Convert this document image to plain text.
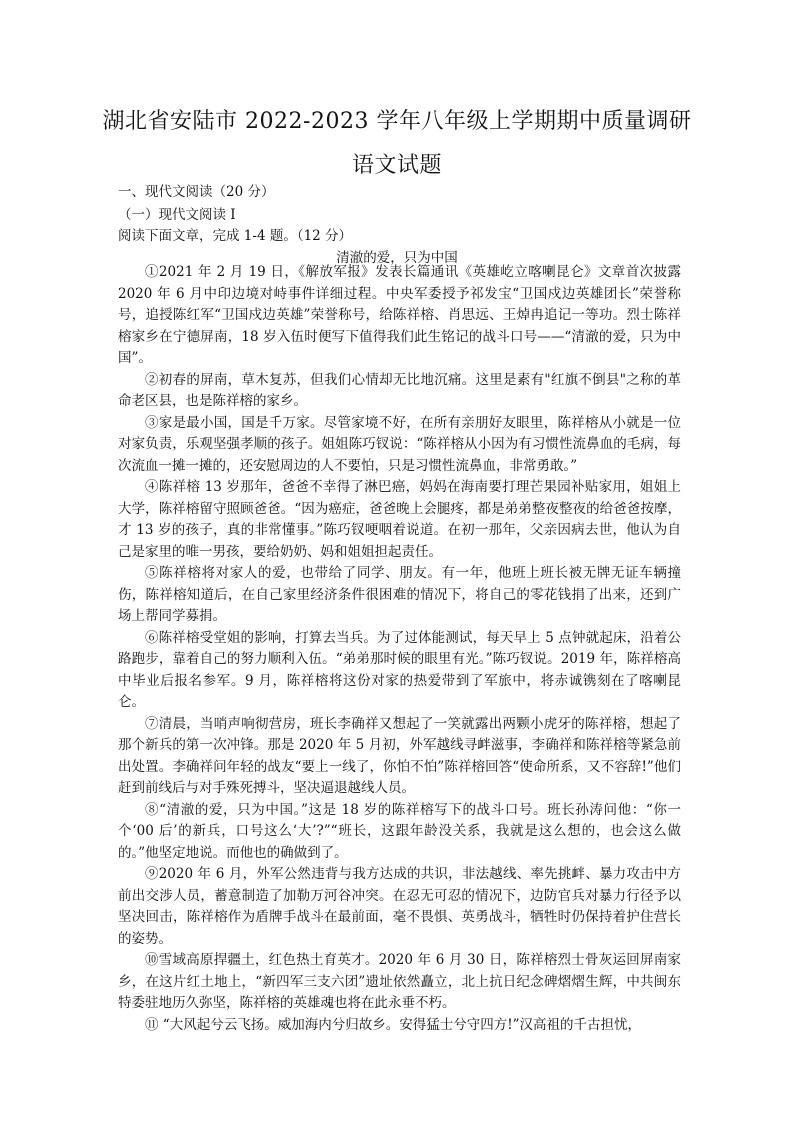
湖北省安陆市 2022-2023 学年八年级上学期期中质量调研
语文试题
一、现代文阅读（20 分）
（一）现代文阅读 I
阅读下面文章，完成 1-4 题。（12 分）
清澈的爱，只为中国

①2021 年 2 月 19 日，《解放军报》发表长篇通讯《英雄屹立喀喇昆仑》文章首次披露 2020 年 6 月中印边境对峙事件详细过程。中央军委授予祁发宝“卫国戍边英雄团长”荣誉称号，追授陈红军“卫国戍边英雄”荣誉称号，给陈祥榕、肖思远、王焯冉追记一等功。烈士陈祥榕家乡在宁德屏南，18 岁入伍时便写下值得我们此生铭记的战斗口号——“清澈的爱，只为中国”。

②初春的屏南，草木复苏，但我们心情却无比地沉痛。这里是素有"红旗不倒县"之称的革命老区县，也是陈祥榕的家乡。

③家是最小国，国是千万家。尽管家境不好，在所有亲朋好友眼里，陈祥榕从小就是一位对家负责，乐观坚强孝顺的孩子。姐姐陈巧钗说：“陈祥榕从小因为有习惯性流鼻血的毛病，每次流血一摊一摊的，还安慰周边的人不要怕，只是习惯性流鼻血，非常勇敢。”

④陈祥榕 13 岁那年，爸爸不幸得了淋巴癌，妈妈在海南要打理芒果园补贴家用，姐姐上大学，陈祥榕留守照顾爸爸。“因为癌症，爸爸晚上会腿疼，都是弟弟整夜整夜的给爸爸按摩，才 13 岁的孩子，真的非常懂事。”陈巧钗哽咽着说道。在初一那年，父亲因病去世，他认为自己是家里的唯一男孩，要给奶奶、妈和姐姐担起责任。

⑤陈祥榕将对家人的爱，也带给了同学、朋友。有一年，他班上班长被无牌无证车辆撞伤，陈祥榕知道后，在自己家里经济条件很困难的情况下，将自己的零花钱捐了出来，还到广场上帮同学募捐。

⑥陈祥榕受堂姐的影响，打算去当兵。为了过体能测试，每天早上 5 点钟就起床，沿着公路跑步，靠着自己的努力顺利入伍。“弟弟那时候的眼里有光。”陈巧钗说。2019 年，陈祥榕高中毕业后报名参军。9 月，陈祥榕将这份对家的热爱带到了军旅中，将赤诚镌刻在了喀喇昆仑。

⑦清晨，当哨声响彻营房，班长李确祥又想起了一笑就露出两颗小虎牙的陈祥榕，想起了那个新兵的第一次冲锋。那是 2020 年 5 月初，外军越线寻衅滋事，李确祥和陈祥榕等紧急前出处置。李确祥问年轻的战友“要上一线了，你怕不怕”陈祥榕回答“使命所系，又不容辞!”他们赶到前线后与对手殊死搏斗，坚决逼退越线人员。

⑧“清澈的爱，只为中国。”这是 18 岁的陈祥榕写下的战斗口号。班长孙涛问他：“你一个‘00 后’的新兵，口号这么‘大’?”“班长，这跟年龄没关系，我就是这么想的，也会这么做的。”他坚定地说。而他也的确做到了。

⑨2020 年 6 月，外军公然违背与我方达成的共识，非法越线、率先挑衅、暴力攻击中方前出交涉人员，蓄意制造了加勒万河谷冲突。在忍无可忍的情况下，边防官兵对暴力行径予以坚决回击，陈祥榕作为盾牌手战斗在最前面，毫不畏惧、英勇战斗，牺牲时仍保持着护住营长的姿势。

⑩雪域高原捍疆土，红色热土育英才。2020 年 6 月 30 日，陈祥榕烈士骨灰运回屏南家乡，在这片红土地上，“新四军三支六团”遗址依然矗立，北上抗日纪念碑熠熠生辉，中共闽东特委驻地历久弥坚，陈祥榕的英雄魂也将在此永垂不朽。

⑪ “大风起兮云飞扬。威加海内兮归故乡。安得猛士兮守四方!”汉高祖的千古担忧，
